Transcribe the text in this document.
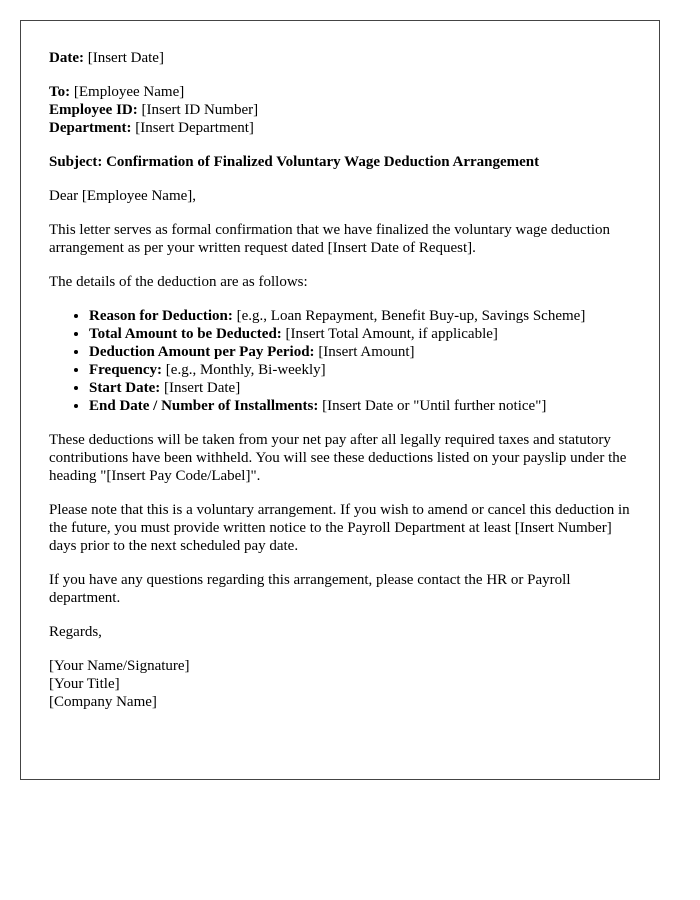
Date: [Insert Date]

To: [Employee Name]

Employee ID: [Insert ID Number]

Department: [Insert Department]

Subject: Confirmation of Finalized Voluntary Wage Deduction Arrangement

Dear [Employee Name],

This letter serves as formal confirmation that we have finalized the voluntary wage deduction arrangement as per your written request dated [Insert Date of Request].

The details of the deduction are as follows:

• Reason for Deduction: [e.g., Loan Repayment, Benefit Buy-up, Savings Scheme]
• Total Amount to be Deducted: [Insert Total Amount, if applicable]
• Deduction Amount per Pay Period: [Insert Amount]
• Frequency: [e.g., Monthly, Bi-weekly]
• Start Date: [Insert Date]
• End Date / Number of Installments: [Insert Date or "Until further notice"]

These deductions will be taken from your net pay after all legally required taxes and statutory contributions have been withheld. You will see these deductions listed on your payslip under the heading "[Insert Pay Code/Label]".

Please note that this is a voluntary arrangement. If you wish to amend or cancel this deduction in the future, you must provide written notice to the Payroll Department at least [Insert Number] days prior to the next scheduled pay date.

If you have any questions regarding this arrangement, please contact the HR or Payroll department.

Regards,

[Your Name/Signature]

[Your Title]

[Company Name]
